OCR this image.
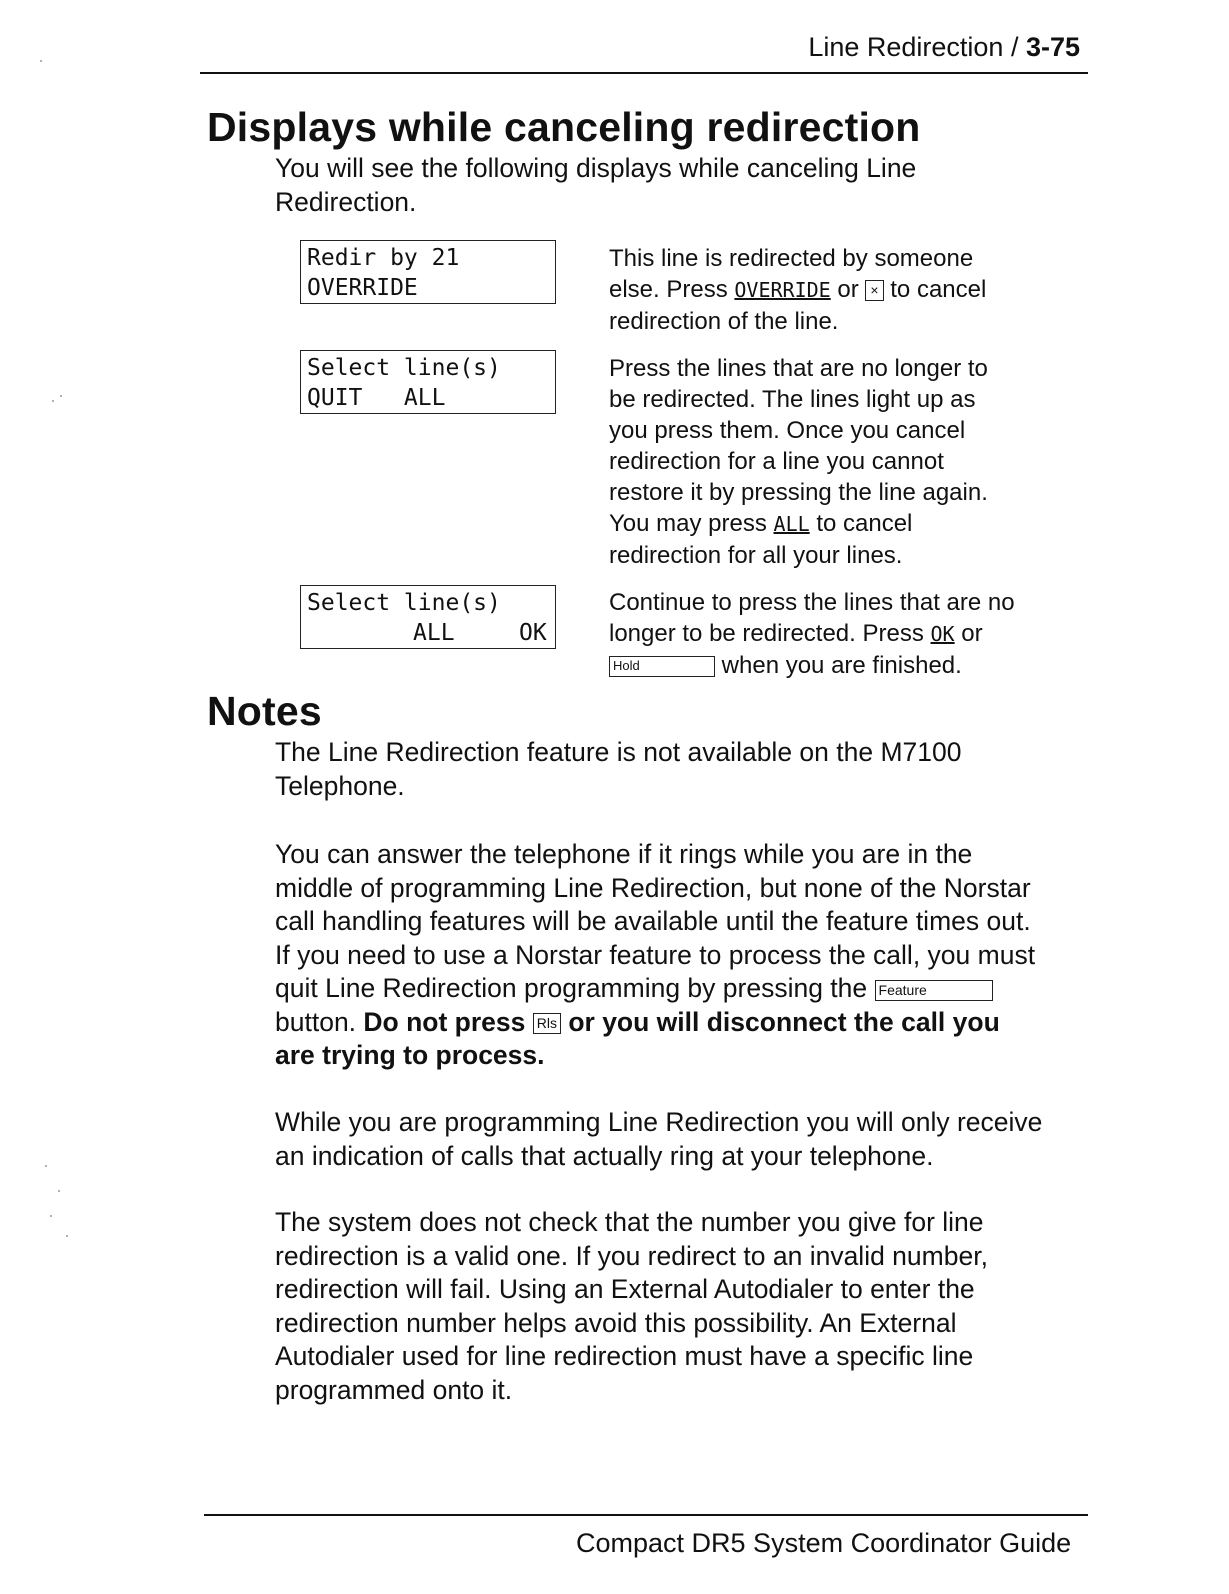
Line Redirection / 3-75
Displays while canceling redirection

You will see the following displays while canceling Line
Redirection.

Redir by 21
OVERRIDE

This line is redirected by someone
else. Press OVERRIDE or × to cancel
redirection of the line.

Select line(s)
QUIT   ALL

Press the lines that are no longer to
be redirected. The lines light up as
you press them. Once you cancel
redirection for a line you cannot
restore it by pressing the line again.
You may press ALL to cancel
redirection for all your lines.

Select line(s)
ALL	OK

Continue to press the lines that are no
longer to be redirected. Press OK or
Hold	when you are finished.

Notes

The Line Redirection feature is not available on the M7100
Telephone.

You can answer the telephone if it rings while you are in the
middle of programming Line Redirection, but none of the Norstar
call handling features will be available until the feature times out.
If you need to use a Norstar feature to process the call, you must
quit Line Redirection programming by pressing the Feature
button. Do not press Rls or you will disconnect the call you
are trying to process.

While you are programming Line Redirection you will only receive
an indication of calls that actually ring at your telephone.

The system does not check that the number you give for line
redirection is a valid one. If you redirect to an invalid number,
redirection will fail. Using an External Autodialer to enter the
redirection number helps avoid this possibility. An External
Autodialer used for line redirection must have a specific line
programmed onto it.

Compact DR5 System Coordinator Guide
